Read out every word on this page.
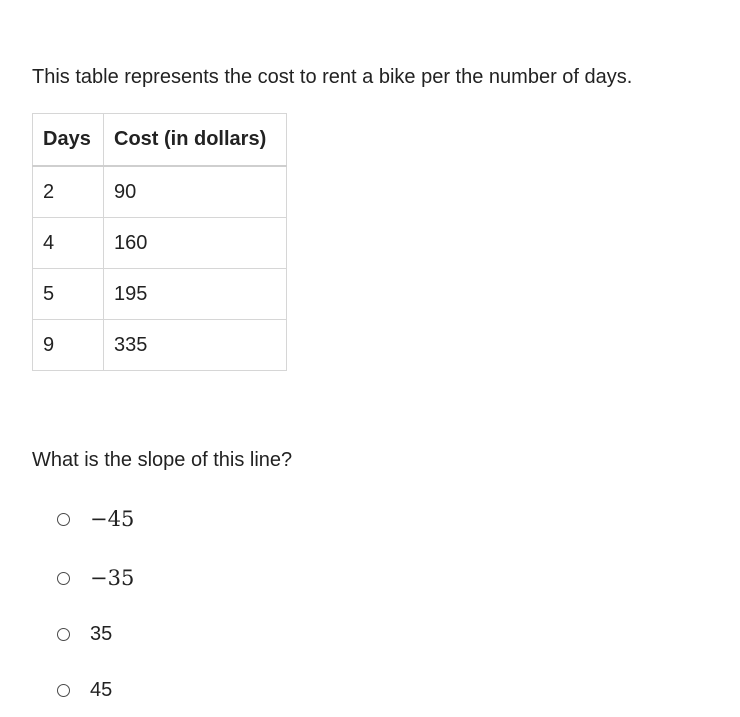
This table represents the cost to rent a bike per the number of days.

Days	Cost (in dollars)
2	90
4	160
5	195
9	335

What is the slope of this line?

−45
−35
35
45
